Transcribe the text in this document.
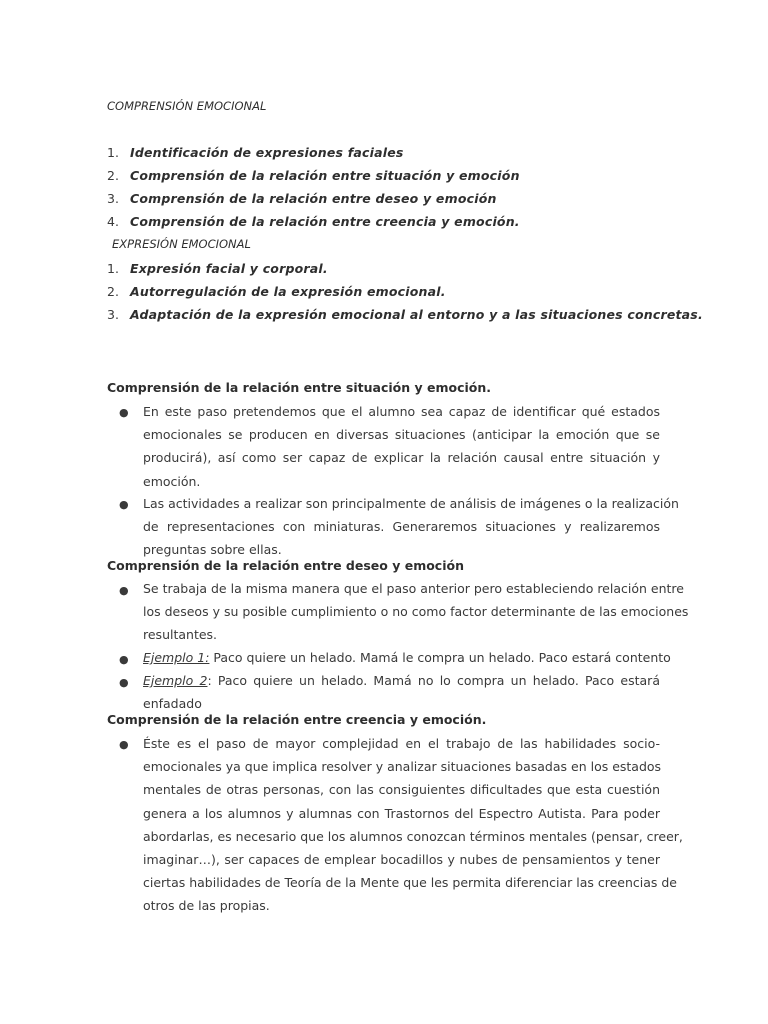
COMPRENSIÓN EMOCIONAL
1. Identificación de expresiones faciales
2. Comprensión de la relación entre situación y emoción
3. Comprensión de la relación entre deseo y emoción
4. Comprensión de la relación entre creencia y emoción.
EXPRESIÓN EMOCIONAL
1. Expresión facial y corporal.
2. Autorregulación de la expresión emocional.
3. Adaptación de la expresión emocional al entorno y a las situaciones concretas.
Comprensión de la relación entre situación y emoción.
● En este paso pretendemos que el alumno sea capaz de identificar qué estados
emocionales se producen en diversas situaciones (anticipar la emoción que se
producirá), así como ser capaz de explicar la relación causal entre situación y
emoción.
● Las actividades a realizar son principalmente de análisis de imágenes o la realización
de representaciones con miniaturas. Generaremos situaciones y realizaremos
preguntas sobre ellas.
Comprensión de la relación entre deseo y emoción
● Se trabaja de la misma manera que el paso anterior pero estableciendo relación entre
los deseos y su posible cumplimiento o no como factor determinante de las emociones
resultantes.
● Ejemplo 1: Paco quiere un helado. Mamá le compra un helado. Paco estará contento
● Ejemplo 2: Paco quiere un helado. Mamá no lo compra un helado. Paco estará
enfadado
Comprensión de la relación entre creencia y emoción.
● Éste es el paso de mayor complejidad en el trabajo de las habilidades socio-
emocionales ya que implica resolver y analizar situaciones basadas en los estados
mentales de otras personas, con las consiguientes dificultades que esta cuestión
genera a los alumnos y alumnas con Trastornos del Espectro Autista. Para poder
abordarlas, es necesario que los alumnos conozcan términos mentales (pensar, creer,
imaginar…), ser capaces de emplear bocadillos y nubes de pensamientos y tener
ciertas habilidades de Teoría de la Mente que les permita diferenciar las creencias de
otros de las propias.
